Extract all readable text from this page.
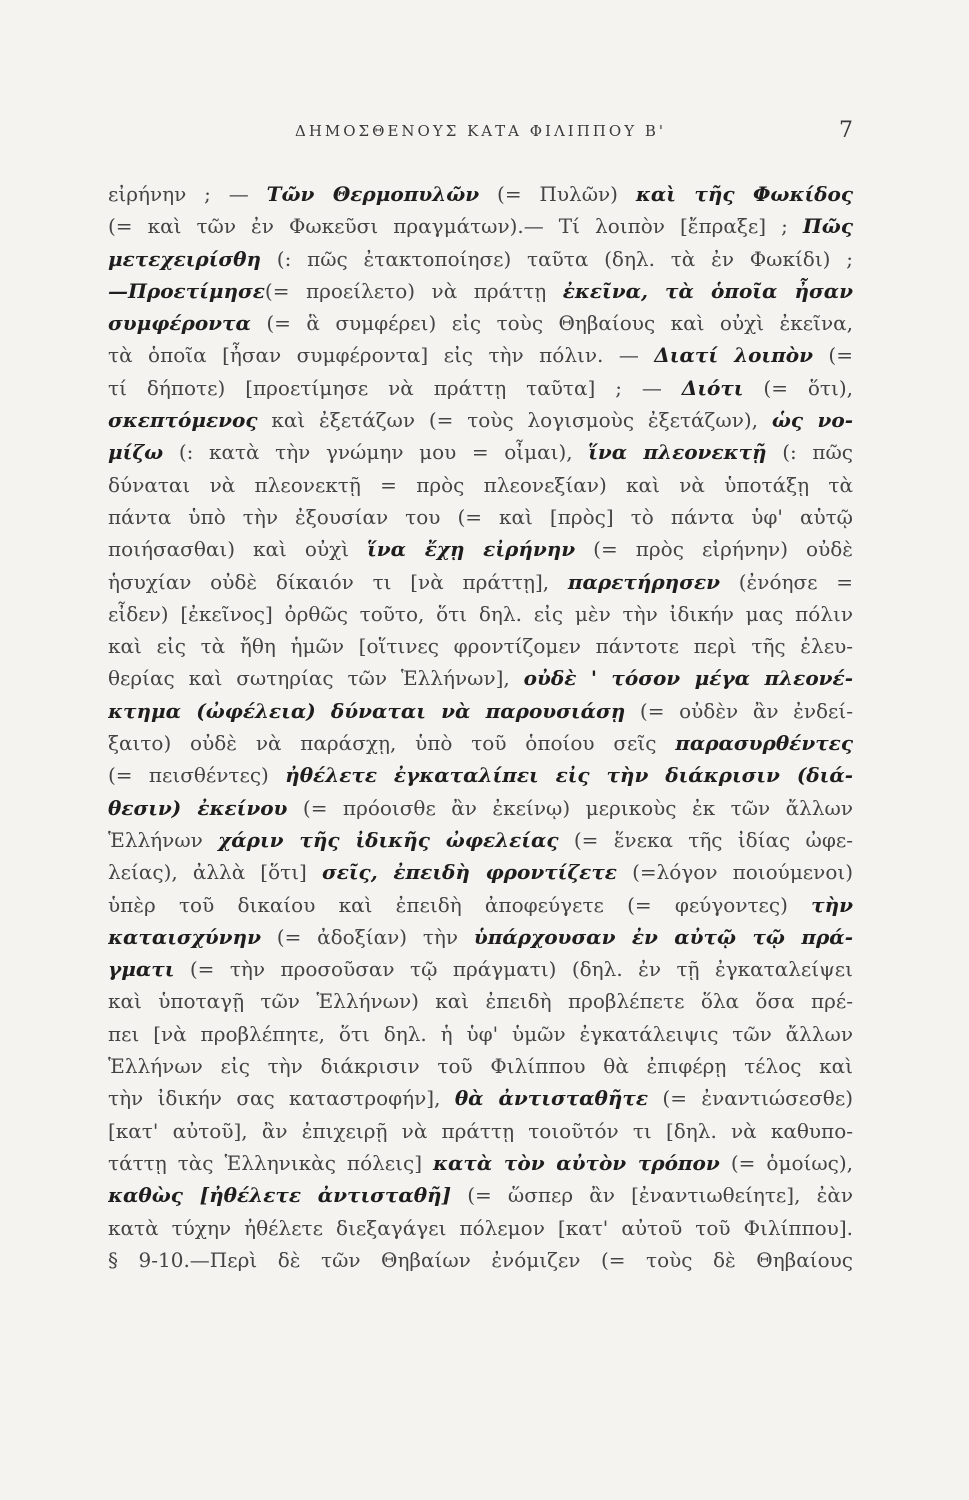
ΔΗΜΟΣΘΕΝΟΥΣ ΚΑΤΑ ΦΙΛΙΠΠΟΥ Β'	7
εἰρήνην ; — Τῶν Θερμοπυλῶν (= Πυλῶν) καὶ τῆς Φωκίδος
(= καὶ τῶν ἐν Φωκεῦσι πραγμάτων).— Τί λοιπὸν [ἔπραξε] ; Πῶς
μετεχειρίσθη (: πῶς ἐτακτοποίησε) ταῦτα (δηλ. τὰ ἐν Φωκίδι) ;
—Προετίμησε(= προείλετο) νὰ πράττῃ ἐκεῖνα, τὰ ὁποῖα ἦσαν
συμφέροντα (= ἃ συμφέρει) εἰς τοὺς Θηβαίους καὶ οὐχὶ ἐκεῖνα,
τὰ ὁποῖα [ἦσαν συμφέροντα] εἰς τὴν πόλιν. — Διατί λοιπὸν (=
τί δήποτε) [προετίμησε νὰ πράττῃ ταῦτα] ; — Διότι (= ὅτι),
σκεπτόμενος καὶ ἐξετάζων (= τοὺς λογισμοὺς ἐξετάζων), ὡς νο-
μίζω (: κατὰ τὴν γνώμην μου = οἶμαι), ἵνα πλεονεκτῇ (: πῶς
δύναται νὰ πλεονεκτῇ = πρὸς πλεονεξίαν) καὶ νὰ ὑποτάξῃ τὰ
πάντα ὑπὸ τὴν ἐξουσίαν του (= καὶ [πρὸς] τὸ πάντα ὑφ' αὑτῷ
ποιήσασθαι) καὶ οὐχὶ ἵνα ἔχῃ εἰρήνην (= πρὸς εἰρήνην) οὐδὲ
ἡσυχίαν οὐδὲ δίκαιόν τι [νὰ πράττῃ], παρετήρησεν (ἐνόησε =
εἶδεν) [ἐκεῖνος] ὀρθῶς τοῦτο, ὅτι δηλ. εἰς μὲν τὴν ἰδικήν μας πόλιν
καὶ εἰς τὰ ἤθη ἡμῶν [οἵτινες φροντίζομεν πάντοτε περὶ τῆς ἐλευ-
θερίας καὶ σωτηρίας τῶν Ἑλλήνων], οὐδὲ ' τόσον μέγα πλεονέ-
κτημα (ὠφέλεια) δύναται νὰ παρουσιάσῃ (= οὐδὲν ἂν ἐνδεί-
ξαιτο) οὐδὲ νὰ παράσχῃ, ὑπὸ τοῦ ὁποίου σεῖς παρασυρθέντες
(= πεισθέντες) ἠθέλετε ἐγκαταλίπει εἰς τὴν διάκρισιν (διά-
θεσιν) ἐκείνου (= πρόοισθε ἂν ἐκείνῳ) μερικοὺς ἐκ τῶν ἄλλων
Ἑλλήνων χάριν τῆς ἰδικῆς ὠφελείας (= ἕνεκα τῆς ἰδίας ὠφε-
λείας), ἀλλὰ [ὅτι] σεῖς, ἐπειδὴ φροντίζετε (=λόγον ποιούμενοι)
ὑπὲρ τοῦ δικαίου καὶ ἐπειδὴ ἀποφεύγετε (= φεύγοντες) τὴν
καταισχύνην (= ἀδοξίαν) τὴν ὑπάρχουσαν ἐν αὐτῷ τῷ πρά-
γματι (= τὴν προσοῦσαν τῷ πράγματι) (δηλ. ἐν τῇ ἐγκαταλείψει
καὶ ὑποταγῇ τῶν Ἑλλήνων) καὶ ἐπειδὴ προβλέπετε ὅλα ὅσα πρέ-
πει [νὰ προβλέπητε, ὅτι δηλ. ἡ ὑφ' ὑμῶν ἐγκατάλειψις τῶν ἄλλων
Ἑλλήνων εἰς τὴν διάκρισιν τοῦ Φιλίππου θὰ ἐπιφέρῃ τέλος καὶ
τὴν ἰδικήν σας καταστροφήν], θὰ ἀντισταθῆτε (= ἐναντιώσεσθε)
[κατ' αὐτοῦ], ἂν ἐπιχειρῇ νὰ πράττῃ τοιοῦτόν τι [δηλ. νὰ καθυπο-
τάττῃ τὰς Ἑλληνικὰς πόλεις] κατὰ τὸν αὐτὸν τρόπον (= ὁμοίως),
καθὼς [ἠθέλετε ἀντισταθῆ] (= ὥσπερ ἂν [ἐναντιωθείητε], ἐὰν
κατὰ τύχην ἠθέλετε διεξαγάγει πόλεμον [κατ' αὐτοῦ τοῦ Φιλίππου].
§ 9-10.—Περὶ δὲ τῶν Θηβαίων ἐνόμιζεν (= τοὺς δὲ Θηβαίους
